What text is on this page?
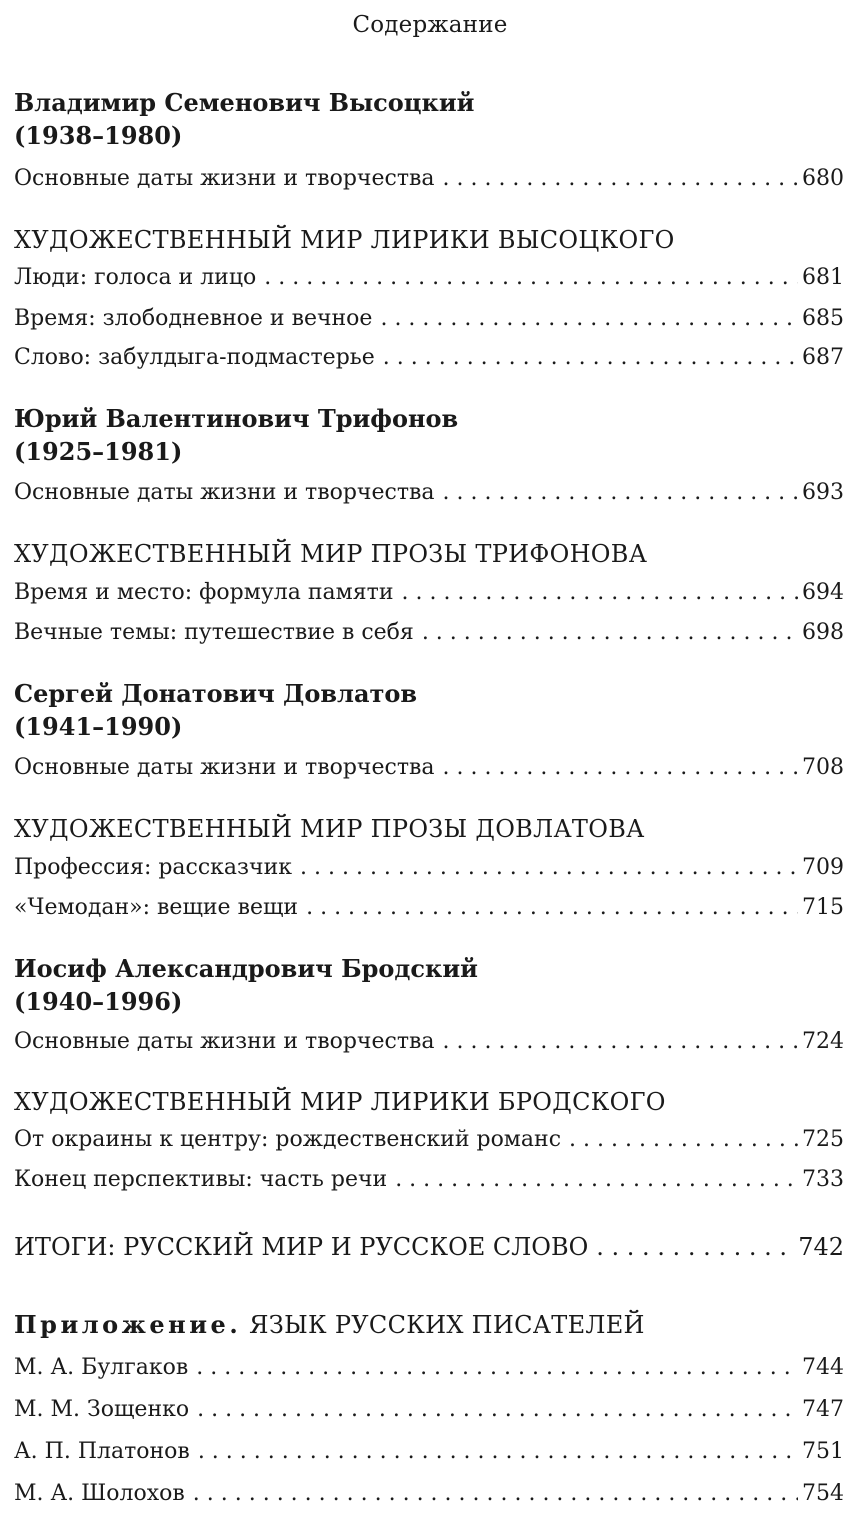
Содержание
Владимир Семенович Высоцкий
(1938–1980)
Основные даты жизни и творчества . . .	680
ХУДОЖЕСТВЕННЫЙ МИР ЛИРИКИ ВЫСОЦКОГО
Люди: голоса и лицо . . .	681
Время: злободневное и вечное . . .	685
Слово: забулдыга-подмастерье . . .	687
Юрий Валентинович Трифонов
(1925–1981)
Основные даты жизни и творчества . . .	693
ХУДОЖЕСТВЕННЫЙ МИР ПРОЗЫ ТРИФОНОВА
Время и место: формула памяти . . .	694
Вечные темы: путешествие в себя . . .	698
Сергей Донатович Довлатов
(1941–1990)
Основные даты жизни и творчества . . .	708
ХУДОЖЕСТВЕННЫЙ МИР ПРОЗЫ ДОВЛАТОВА
Профессия: рассказчик . . .	709
«Чемодан»: вещие вещи . . .	715
Иосиф Александрович Бродский
(1940–1996)
Основные даты жизни и творчества . . .	724
ХУДОЖЕСТВЕННЫЙ МИР ЛИРИКИ БРОДСКОГО
От окраины к центру: рождественский романс . . .	725
Конец перспективы: часть речи . . .	733
ИТОГИ: РУССКИЙ МИР И РУССКОЕ СЛОВО . . .	742
Приложение. ЯЗЫК РУССКИХ ПИСАТЕЛЕЙ
М. А. Булгаков . . .	744
М. М. Зощенко . . .	747
А. П. Платонов . . .	751
М. А. Шолохов . . .	754
